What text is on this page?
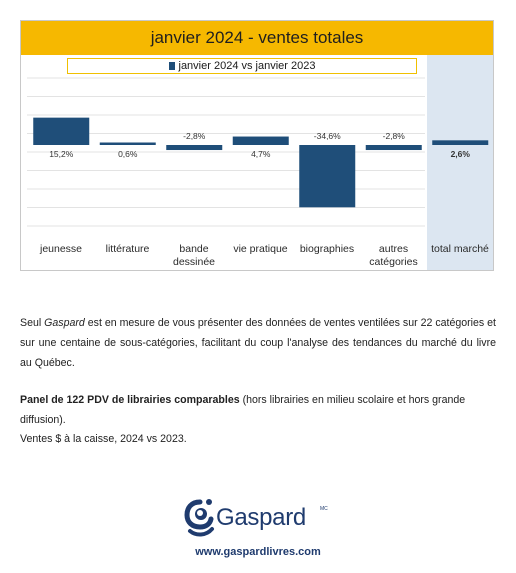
15,2%	0,6%
-2,8%
4,7%
-34,6%	-2,8%
2,6%
janvier 2024 - ventes totales
janvier 2024 vs janvier 2023
jeunesse	littérature	bande
dessinée
vie pratique	biographies	autres
catégories
total marché
Seul Gaspard est en mesure de vous présenter des données de ventes ventilées sur 22 catégories et sur une centaine de sous-catégories, facilitant du coup l'analyse des tendances du marché du livre au Québec.
Panel de 122 PDV de librairies comparables (hors librairies en milieu scolaire et hors grande diffusion).
Ventes $ à la caisse, 2024 vs 2023.
Gaspard	MC
www.gaspardlivres.com
